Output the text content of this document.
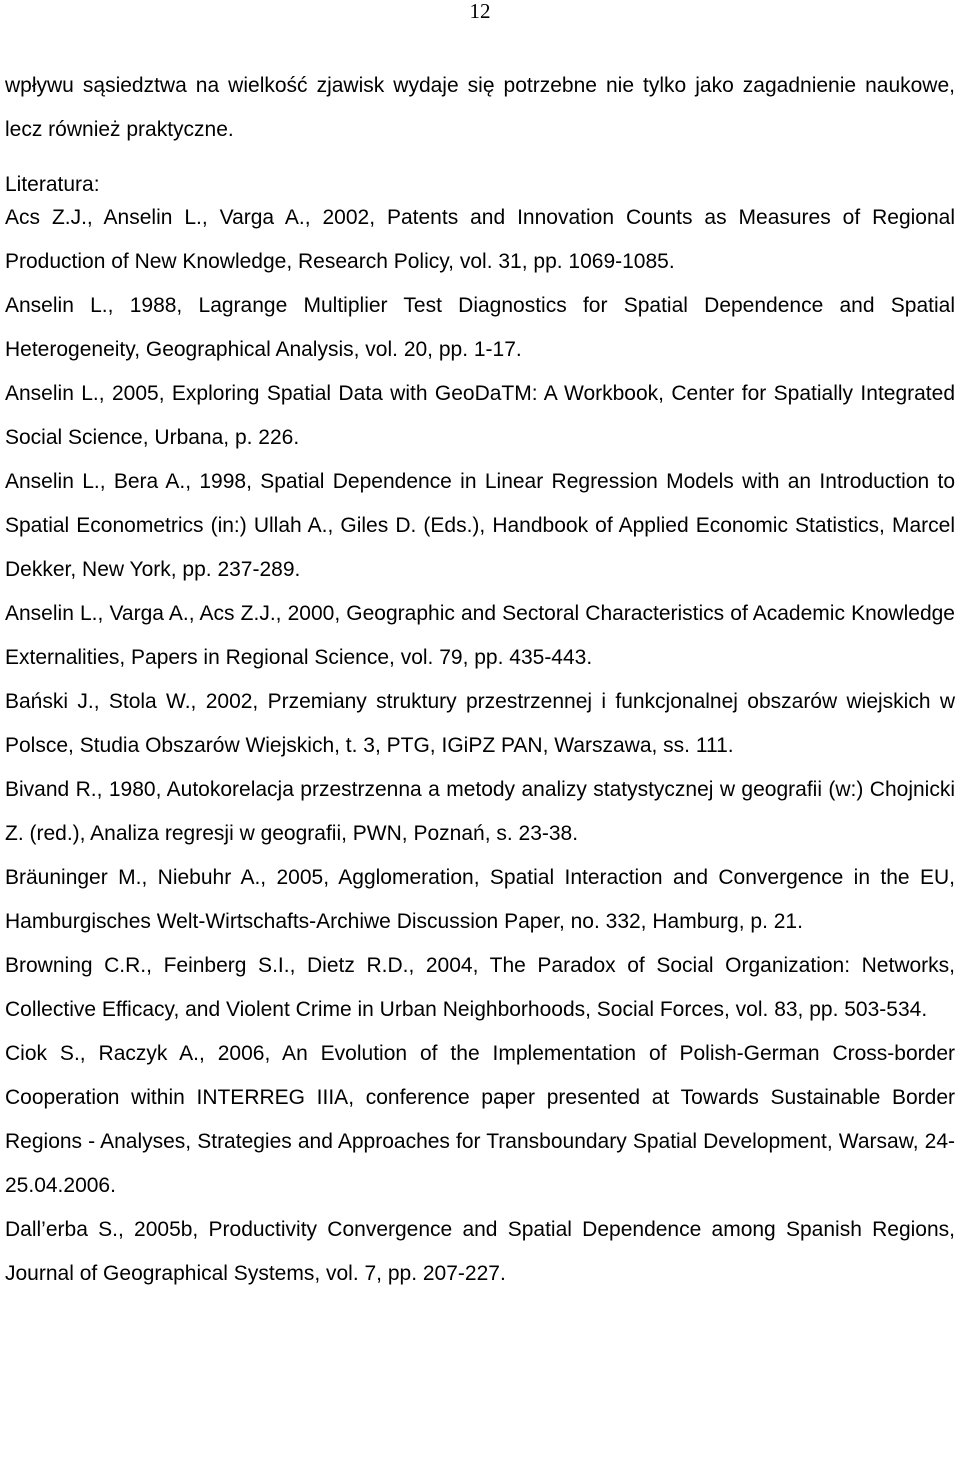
12

wpływu sąsiedztwa na wielkość zjawisk wydaje się potrzebne nie tylko jako zagadnienie naukowe, lecz również praktyczne.

Literatura:

Acs Z.J., Anselin L., Varga A., 2002, Patents and Innovation Counts as Measures of Regional Production of New Knowledge, Research Policy, vol. 31, pp. 1069-1085.

Anselin L., 1988, Lagrange Multiplier Test Diagnostics for Spatial Dependence and Spatial Heterogeneity, Geographical Analysis, vol. 20, pp. 1-17.

Anselin L., 2005, Exploring Spatial Data with GeoDaTM: A Workbook, Center for Spatially Integrated Social Science, Urbana, p. 226.

Anselin L., Bera A., 1998, Spatial Dependence in Linear Regression Models with an Introduction to Spatial Econometrics (in:) Ullah A., Giles D. (Eds.), Handbook of Applied Economic Statistics, Marcel Dekker, New York, pp. 237-289.

Anselin L., Varga A., Acs Z.J., 2000, Geographic and Sectoral Characteristics of Academic Knowledge Externalities, Papers in Regional Science, vol. 79, pp. 435-443.

Bański J., Stola W., 2002, Przemiany struktury przestrzennej i funkcjonalnej obszarów wiejskich w Polsce, Studia Obszarów Wiejskich, t. 3, PTG, IGiPZ PAN, Warszawa, ss. 111.

Bivand R., 1980, Autokorelacja przestrzenna a metody analizy statystycznej w geografii (w:) Chojnicki Z. (red.), Analiza regresji w geografii, PWN, Poznań, s. 23-38.

Bräuninger M., Niebuhr A., 2005, Agglomeration, Spatial Interaction and Convergence in the EU, Hamburgisches Welt-Wirtschafts-Archiwe Discussion Paper, no. 332, Hamburg, p. 21.

Browning C.R., Feinberg S.I., Dietz R.D., 2004, The Paradox of Social Organization: Networks, Collective Efficacy, and Violent Crime in Urban Neighborhoods, Social Forces, vol. 83, pp. 503-534.

Ciok S., Raczyk A., 2006, An Evolution of the Implementation of Polish-German Cross-border Cooperation within INTERREG IIIA, conference paper presented at Towards Sustainable Border Regions - Analyses, Strategies and Approaches for Transboundary Spatial Development, Warsaw, 24-25.04.2006.

Dall’erba S., 2005b, Productivity Convergence and Spatial Dependence among Spanish Regions, Journal of Geographical Systems, vol. 7, pp. 207-227.
